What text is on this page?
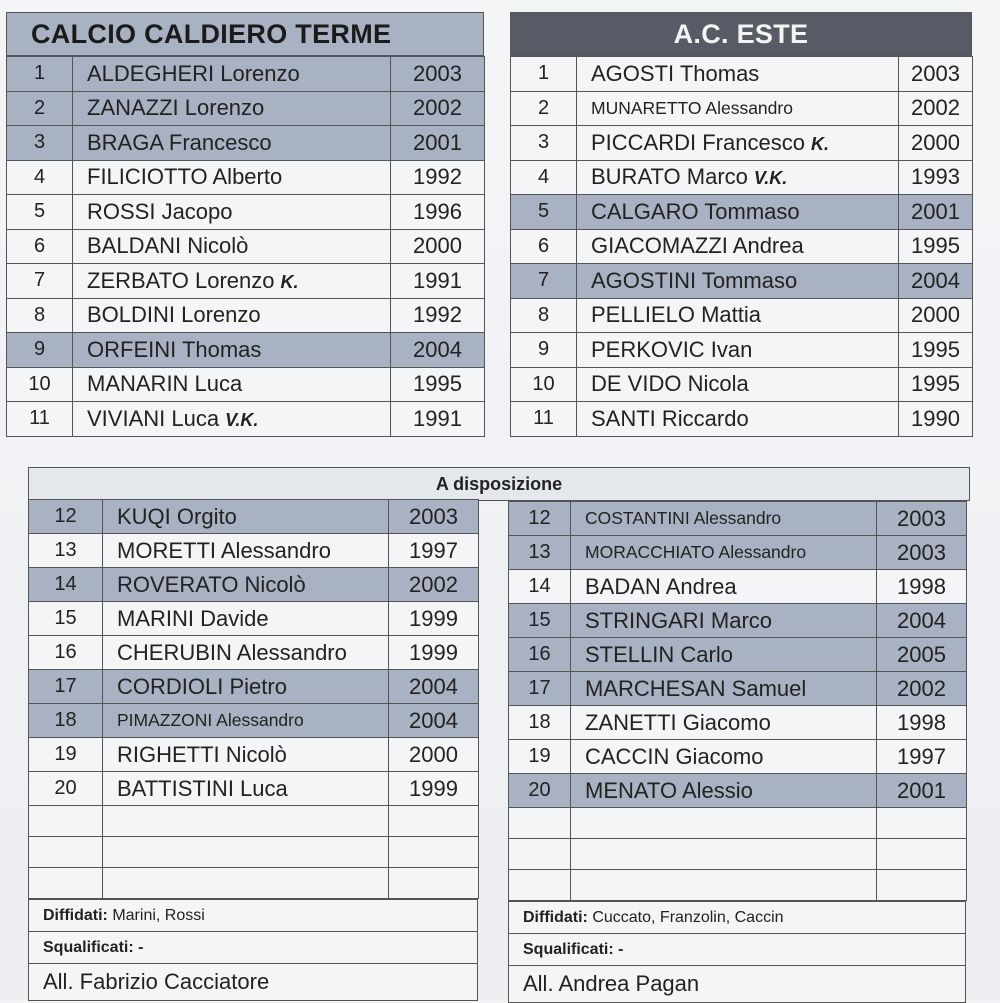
CALCIO CALDIERO TERME
1	ALDEGHERI Lorenzo	2003
2	ZANAZZI Lorenzo	2002
3	BRAGA Francesco	2001
4	FILICIOTTO Alberto	1992
5	ROSSI Jacopo	1996
6	BALDANI Nicolò	2000
7	ZERBATO Lorenzo K.	1991
8	BOLDINI Lorenzo	1992
9	ORFEINI Thomas	2004
10	MANARIN Luca	1995
11	VIVIANI Luca V.K.	1991
A.C. ESTE
1	AGOSTI Thomas	2003
2	MUNARETTO Alessandro	2002
3	PICCARDI Francesco K.	2000
4	BURATO Marco V.K.	1993
5	CALGARO Tommaso	2001
6	GIACOMAZZI Andrea	1995
7	AGOSTINI Tommaso	2004
8	PELLIELO Mattia	2000
9	PERKOVIC Ivan	1995
10	DE VIDO Nicola	1995
11	SANTI Riccardo	1990
A disposizione
12	KUQI Orgito	2003
13	MORETTI Alessandro	1997
14	ROVERATO Nicolò	2002
15	MARINI Davide	1999
16	CHERUBIN Alessandro	1999
17	CORDIOLI Pietro	2004
18	PIMAZZONI Alessandro	2004
19	RIGHETTI Nicolò	2000
20	BATTISTINI Luca	1999

Diffidati: Marini, Rossi
Squalificati: -
All. Fabrizio Cacciatore
12	COSTANTINI Alessandro	2003
13	MORACCHIATO Alessandro	2003
14	BADAN Andrea	1998
15	STRINGARI Marco	2004
16	STELLIN Carlo	2005
17	MARCHESAN Samuel	2002
18	ZANETTI Giacomo	1998
19	CACCIN Giacomo	1997
20	MENATO Alessio	2001

Diffidati: Cuccato, Franzolin, Caccin
Squalificati: -
All. Andrea Pagan
